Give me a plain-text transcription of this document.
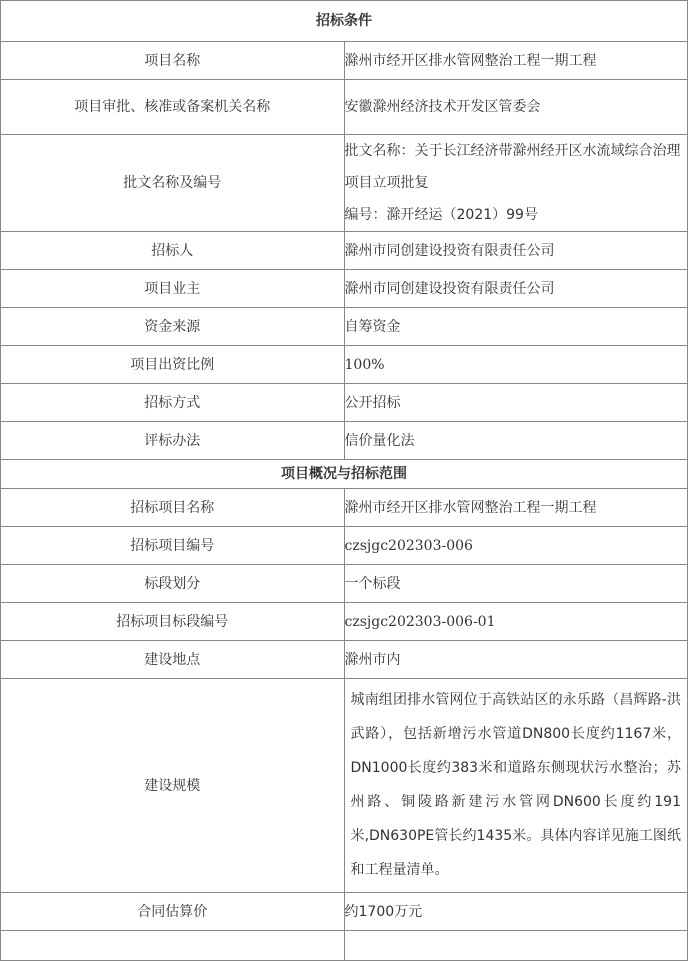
招标条件	
项目名称	滁州市经开区排水管网整治工程一期工程

项目审批、核准或备案机关名称	安徽滁州经济技术开发区管委会
批文名称及编号	批文名称：关于长江经济带滁州经开区水流域综合治理项目立项批复
编号：滁开经运（2021）99号

招标人	滁州市同创建设投资有限责任公司
项目业主	滁州市同创建设投资有限责任公司
资金来源	自筹资金
项目出资比例	100%
招标方式	公开招标
评标办法	信价量化法
项目概况与招标范围	
招标项目名称	滁州市经开区排水管网整治工程一期工程
招标项目编号	czsjgc202303-006
标段划分	一个标段
招标项目标段编号	czsjgc202303-006-01
建设地点	滁州市内
建设规模	城南组团排水管网位于高铁站区的永乐路（昌辉路-洪武路），包括新增污水管道DN800长度约1167米，DN1000长度约383米和道路东侧现状污水整治；苏州路、铜陵路新建污水管网DN600长度约191米,DN630PE管长约1435米。具体内容详见施工图纸和工程量清单。

合同估算价	约1700万元
